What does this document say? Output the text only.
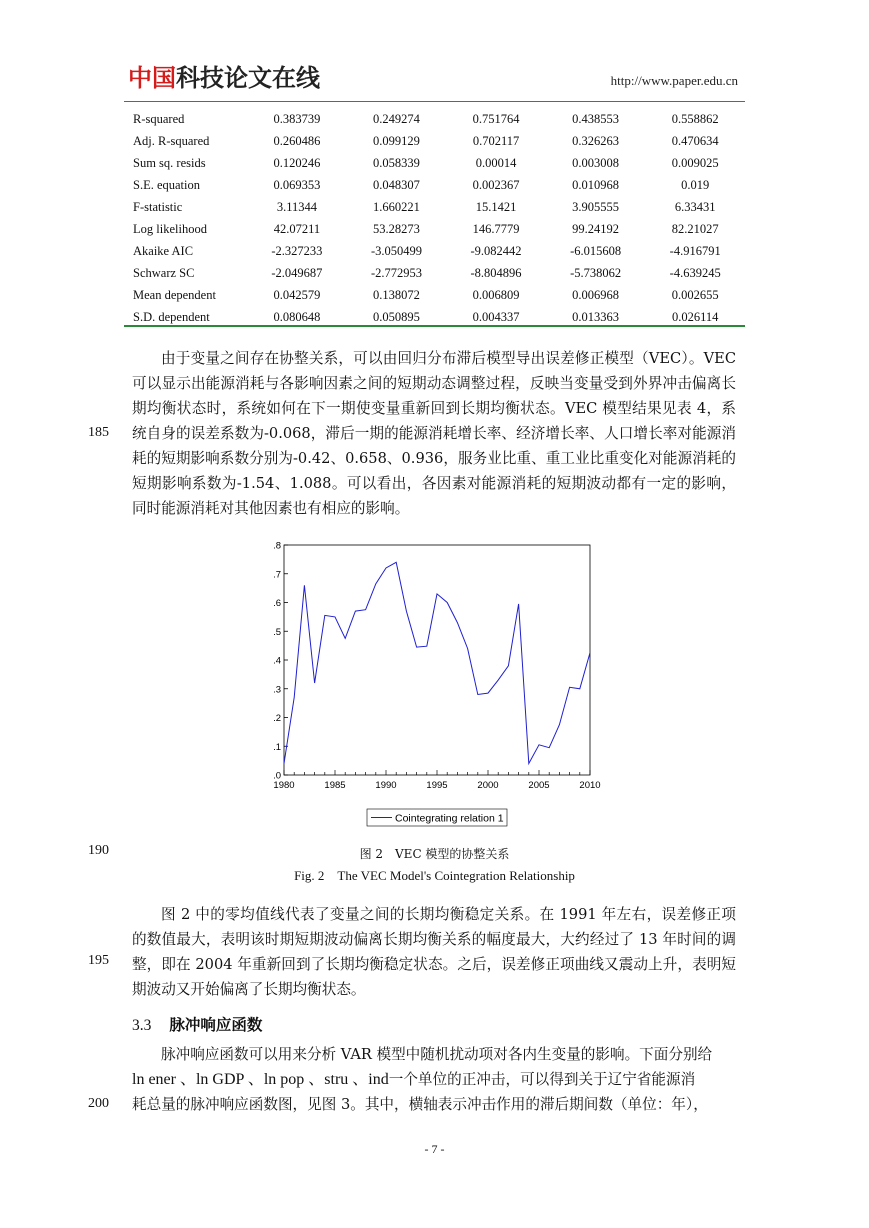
中国科技论文在线	http://www.paper.edu.cn
R-squared	0.383739	0.249274	0.751764	0.438553	0.558862
Adj. R-squared	0.260486	0.099129	0.702117	0.326263	0.470634
Sum sq. resids	0.120246	0.058339	0.00014	0.003008	0.009025
S.E. equation	0.069353	0.048307	0.002367	0.010968	0.019
F-statistic	3.11344	1.660221	15.1421	3.905555	6.33431
Log likelihood	42.07211	53.28273	146.7779	99.24192	82.21027
Akaike AIC	-2.327233	-3.050499	-9.082442	-6.015608	-4.916791
Schwarz SC	-2.049687	-2.772953	-8.804896	-5.738062	-4.639245
Mean dependent	0.042579	0.138072	0.006809	0.006968	0.002655
S.D. dependent	0.080648	0.050895	0.004337	0.013363	0.026114

由于变量之间存在协整关系，可以由回归分布滞后模型导出误差修正模型（VEC）。VEC 可以显示出能源消耗与各影响因素之间的短期动态调整过程，反映当变量受到外界冲击偏离长期均衡状态时，系统如何在下一期使变量重新回到长期均衡状态。VEC 模型结果见表 4，系统自身的误差系数为-0.068，滞后一期的能源消耗增长率、经济增长率、人口增长率对能源消耗的短期影响系数分别为-0.42、0.658、0.936，服务业比重、重工业比重变化对能源消耗的短期影响系数为-1.54、1.088。可以看出，各因素对能源消耗的短期波动都有一定的影响，同时能源消耗对其他因素也有相应的影响。

185
.0
.1
.2
.3
.4
.5
.6
.7
.8
1980	1985	1990	1995	2000	2005	2010
Cointegrating relation 1
190	图 2　VEC 模型的协整关系
Fig. 2　The VEC Model's Cointegration Relationship

图 2 中的零均值线代表了变量之间的长期均衡稳定关系。在 1991 年左右，误差修正项的数值最大，表明该时期短期波动偏离长期均衡关系的幅度最大，大约经过了 13 年时间的调整，即在 2004 年重新回到了长期均衡稳定状态。之后，误差修正项曲线又震动上升，表明短期波动又开始偏离了长期均衡状态。

195
3.3 脉冲响应函数

脉冲响应函数可以用来分析 VAR 模型中随机扰动项对各内生变量的影响。下面分别给

ln ener 、ln GDP 、ln pop 、stru 、ind一个单位的正冲击，可以得到关于辽宁省能源消

耗总量的脉冲响应函数图，见图 3。其中，横轴表示冲击作用的滞后期间数（单位：年），

200
- 7 -
